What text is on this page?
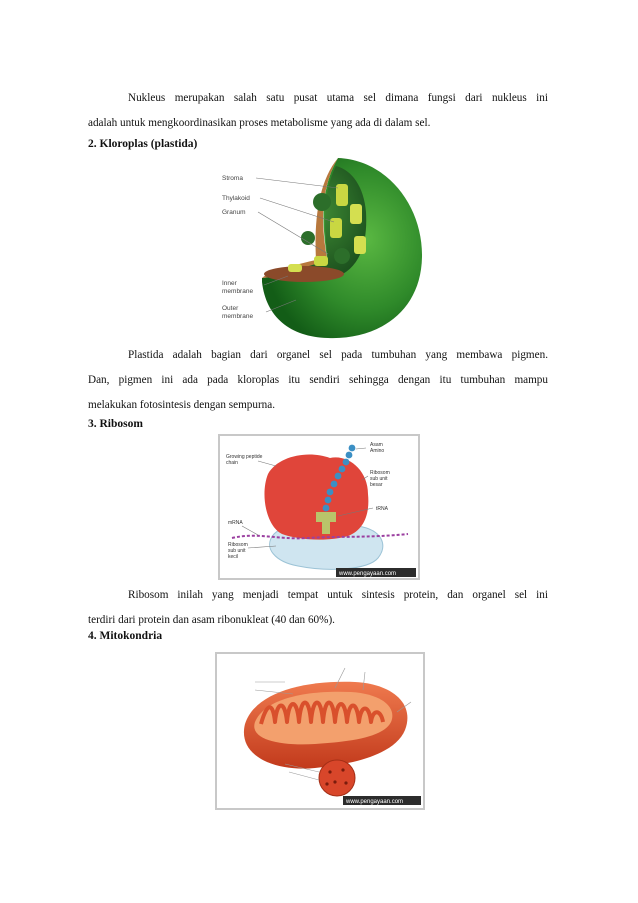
Nukleus merupakan salah satu pusat utama sel dimana fungsi dari nukleus ini

adalah untuk mengkoordinasikan proses metabolisme yang ada di dalam sel.

2. Kloroplas (plastida)
Stroma
Thylakoid
Granum
Inner
membrane
Outer
membrane

Plastida adalah bagian dari organel sel pada tumbuhan yang membawa pigmen.

Dan, pigmen ini ada pada kloroplas itu sendiri sehingga dengan itu tumbuhan mampu

melakukan fotosintesis dengan sempurna.

3. Ribosom
Growing peptide
chain
Asam
Amino
Ribosom
sub unit
besar
tRNA
mRNA
Ribosom
sub unit
kecil
www.pengayaan.com

Ribosom inilah yang menjadi tempat untuk sintesis protein, dan organel sel ini

terdiri dari protein dan asam ribonukleat (40 dan 60%).

4. Mitokondria
www.pengayaan.com
